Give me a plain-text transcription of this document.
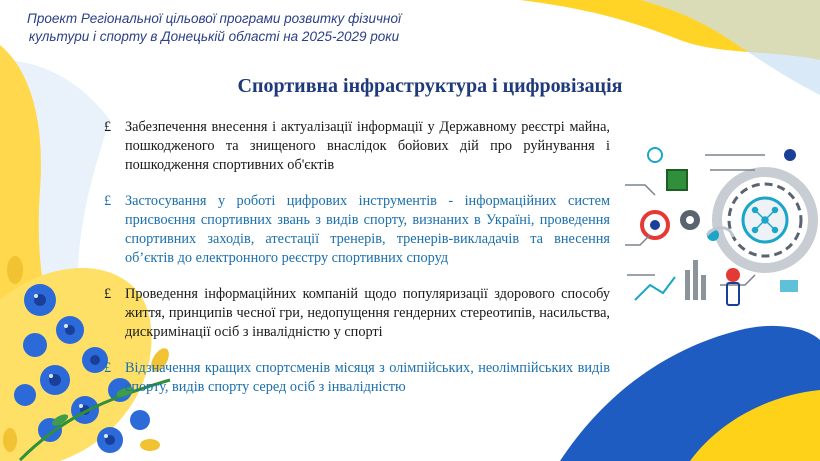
Проект Регіональної цільової програми розвитку фізичної
культури і спорту в Донецькій області на 2025-2029 роки
Спортивна інфраструктура і цифровізація
£ Забезпечення внесення і актуалізації інформації у Державному реєстрі майна, пошкодженого та знищеного внаслідок бойових дій про руйнування і пошкодження спортивних об'єктів
£ Застосування у роботі цифрових інструментів - інформаційних систем присвоєння спортивних звань з видів спорту, визнаних в Україні, проведення спортивних заходів, атестації тренерів, тренерів-викладачів та внесення об’єктів до електронного реєстру спортивних споруд
£ Проведення інформаційних компаній щодо популяризації здорового способу життя, принципів чесної гри, недопущення гендерних стереотипів, насильства, дискримінації осіб з інвалідністю у спорті
£ Відзначення кращих спортсменів місяця з олімпійських, неолімпійських видів спорту, видів спорту серед осіб з інвалідністю
